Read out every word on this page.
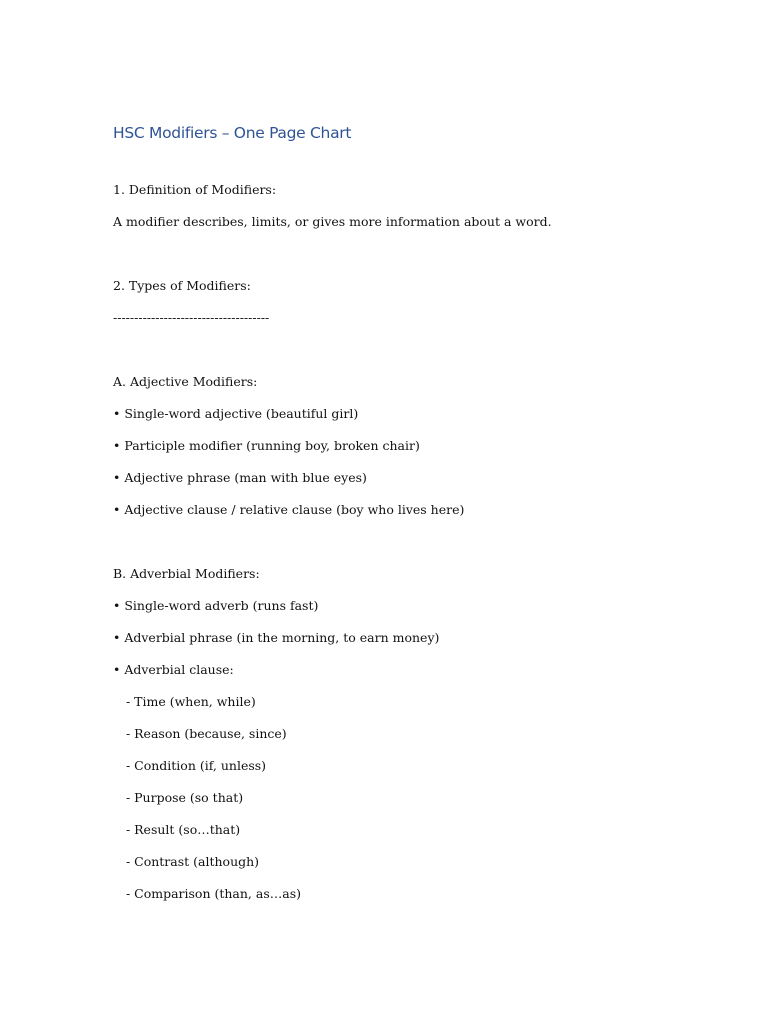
HSC Modifiers – One Page Chart
1. Definition of Modifiers:
A modifier describes, limits, or gives more information about a word.
2. Types of Modifiers:
-------------------------------------
A. Adjective Modifiers:
• Single-word adjective (beautiful girl)
• Participle modifier (running boy, broken chair)
• Adjective phrase (man with blue eyes)
• Adjective clause / relative clause (boy who lives here)
B. Adverbial Modifiers:
• Single-word adverb (runs fast)
• Adverbial phrase (in the morning, to earn money)
• Adverbial clause:
- Time (when, while)
- Reason (because, since)
- Condition (if, unless)
- Purpose (so that)
- Result (so…that)
- Contrast (although)
- Comparison (than, as…as)
